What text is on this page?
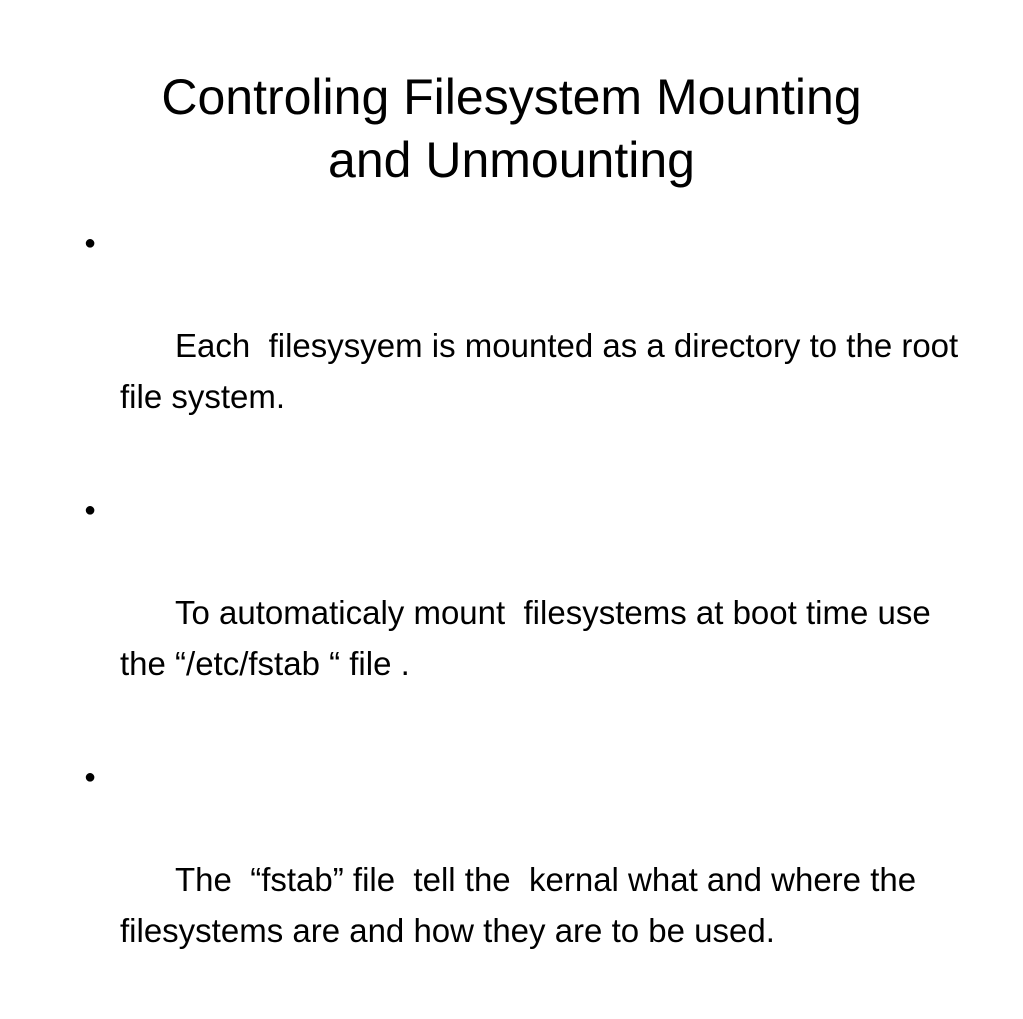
Controling Filesystem Mounting
and Unmounting

●

Each  filesysyem is mounted as a directory to the root file system.

●

To automaticaly mount  filesystems at boot time use the “/etc/fstab “ file .

●

The  “fstab” file  tell the  kernal what and where the  filesystems are and how they are to be used.
